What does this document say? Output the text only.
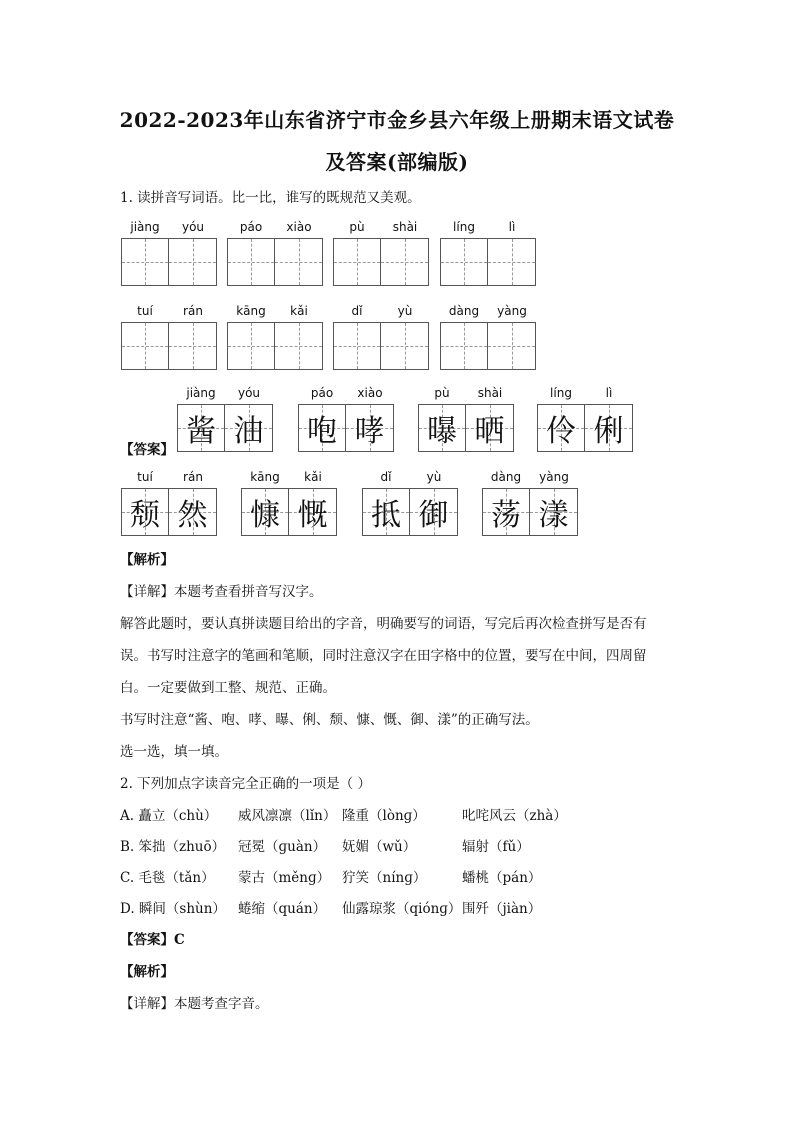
2022-2023年山东省济宁市金乡县六年级上册期末语文试卷
及答案(部编版)
1. 读拼音写词语。比一比，谁写的既规范又美观。
jiàng	yóu	páo	xiào	pù	shài	líng	lì
tuí	rán	kāng	kǎi	dǐ	yù	dàng	yàng
【答案】
jiàng	yóu
酱 油
páo	xiào
咆 哮
pù	shài
曝 晒
líng	lì
伶 俐
tuí	rán
颓 然
kāng	kǎi
慷 慨
dǐ	yù
抵 御
dàng	yàng
荡 漾
【解析】
【详解】本题考查看拼音写汉字。
解答此题时，要认真拼读题目给出的字音，明确要写的词语，写完后再次检查拼写是否有
误。书写时注意字的笔画和笔顺，同时注意汉字在田字格中的位置，要写在中间，四周留
白。一定要做到工整、规范、正确。
书写时注意“酱、咆、哮、曝、俐、颓、慷、慨、御、漾”的正确写法。
选一选，填一填。
2. 下列加点字读音完全正确的一项是（ ）
A. 矗立（chù） 威风凛凛（lǐn） 隆重（lònɡ）	叱咤风云（zhà）
B. 笨拙（zhuō） 冠冕（ɡuàn） 妩媚（wǔ）	辐射（fǔ）
C. 毛毯（tǎn） 蒙古（měnɡ） 狞笑（nínɡ）	蟠桃（pán）
D. 瞬间（shùn） 蜷缩（quán） 仙露琼浆（qiónɡ） 围歼（jiàn）
【答案】C
【解析】
【详解】本题考查字音。
